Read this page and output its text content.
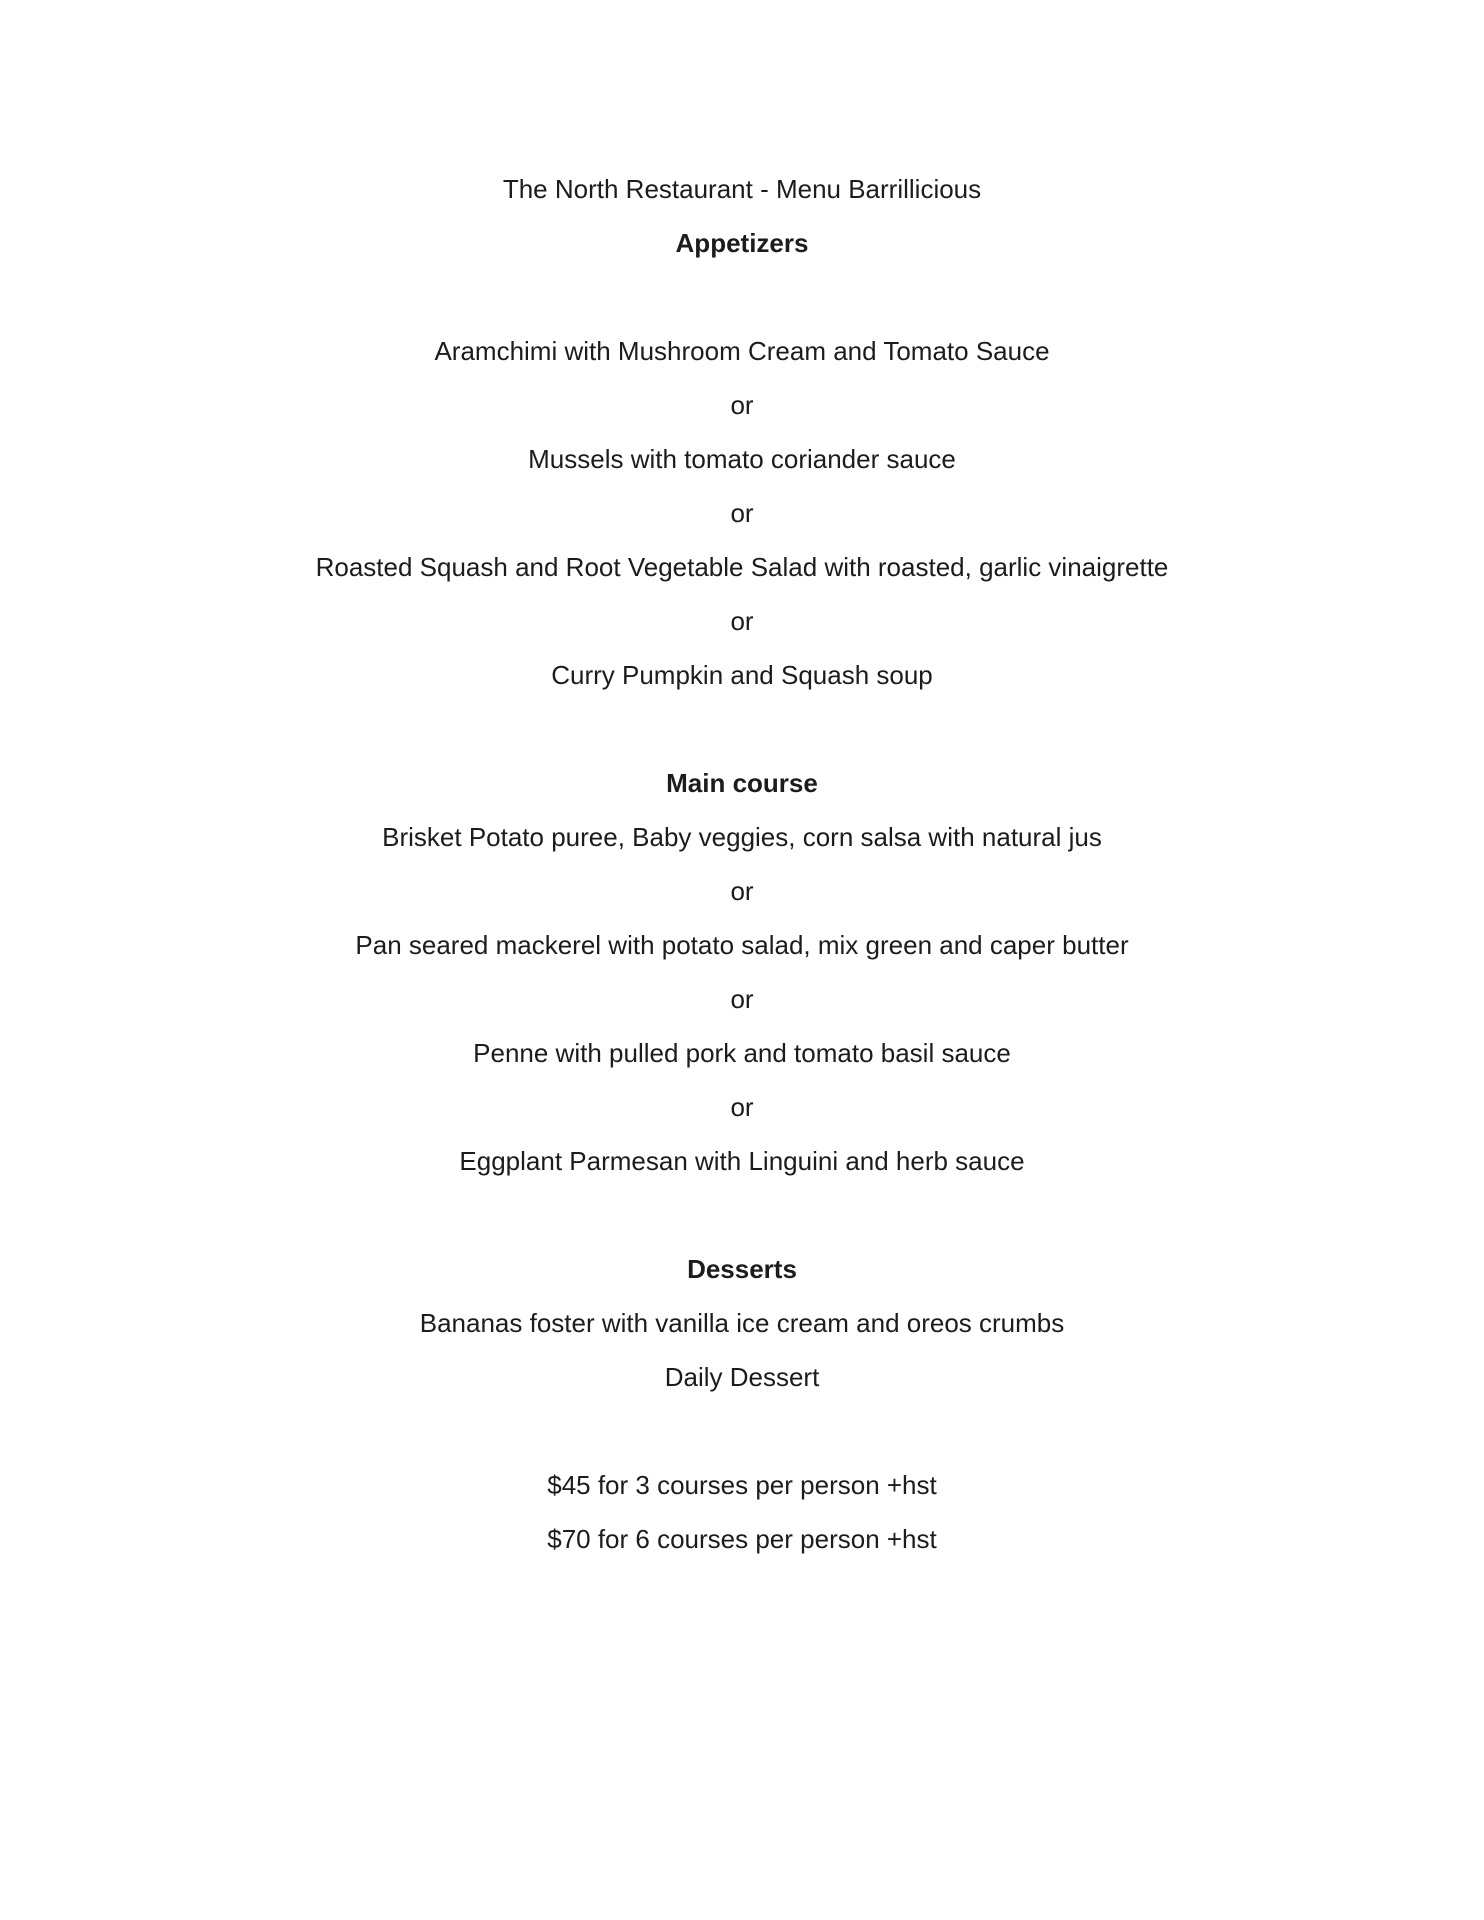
The North Restaurant - Menu Barrillicious

Appetizers

Aramchimi with Mushroom Cream and Tomato Sauce

or

Mussels with tomato coriander sauce

or

Roasted Squash and Root Vegetable Salad with roasted, garlic vinaigrette

or

Curry Pumpkin and Squash soup

Main course

Brisket Potato puree, Baby veggies, corn salsa with natural jus

or

Pan seared mackerel with potato salad, mix green and caper butter

or

Penne with pulled pork and tomato basil sauce

or

Eggplant Parmesan with Linguini and herb sauce

Desserts

Bananas foster with vanilla ice cream and oreos crumbs

Daily Dessert

$45 for 3 courses per person +hst

$70 for 6 courses per person +hst
